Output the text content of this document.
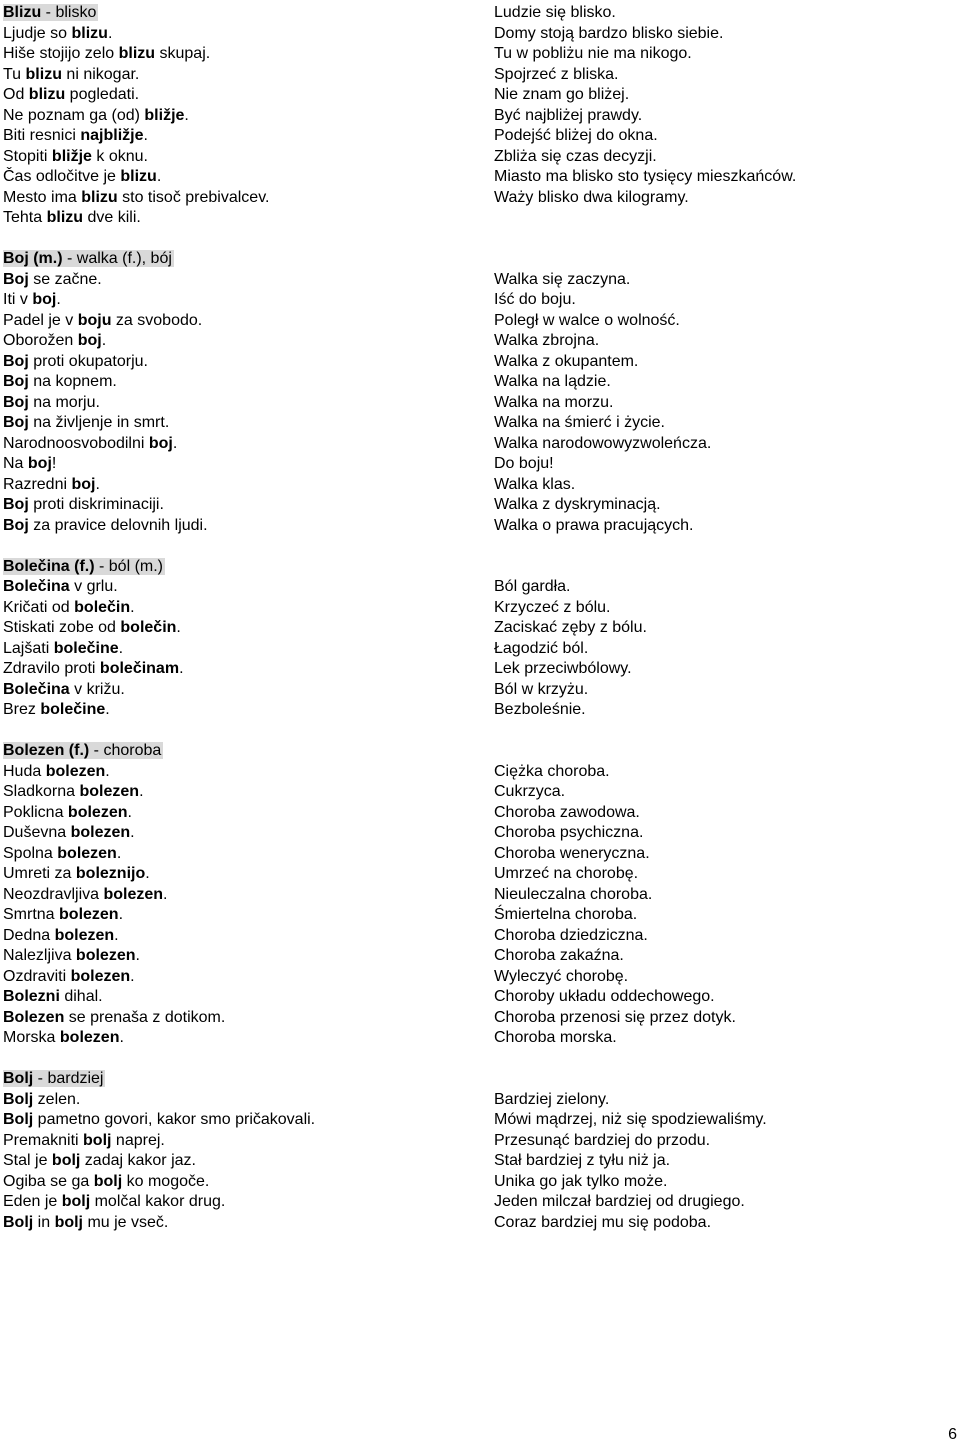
Blizu - blisko
Ljudje so blizu.
Hiše stojijo zelo blizu skupaj.
Tu blizu ni nikogar.
Od blizu pogledati.
Ne poznam ga (od) bližje.
Biti resnici najbližje.
Stopiti bližje k oknu.
Čas odločitve je blizu.
Mesto ima blizu sto tisoč prebivalcev.
Tehta blizu dve kili.
Boj (m.) - walka (f.), bój
Boj se začne.
Iti v boj.
Padel je v boju za svobodo.
Oborožen boj.
Boj proti okupatorju.
Boj na kopnem.
Boj na morju.
Boj na življenje in smrt.
Narodnoosvobodilni boj.
Na boj!
Razredni boj.
Boj proti diskriminaciji.
Boj za pravice delovnih ljudi.
Bolečina (f.) - ból (m.)
Bolečina v grlu.
Kričati od bolečin.
Stiskati zobe od bolečin.
Lajšati bolečine.
Zdravilo proti bolečinam.
Bolečina v križu.
Brez bolečine.
Bolezen (f.) - choroba
Huda bolezen.
Sladkorna bolezen.
Poklicna bolezen.
Duševna bolezen.
Spolna bolezen.
Umreti za boleznijo.
Neozdravljiva bolezen.
Smrtna bolezen.
Dedna bolezen.
Nalezljiva bolezen.
Ozdraviti bolezen.
Bolezni dihal.
Bolezen se prenaša z dotikom.
Morska bolezen.
Bolj - bardziej
Bolj zelen.
Bolj pametno govori, kakor smo pričakovali.
Premakniti bolj naprej.
Stal je bolj zadaj kakor jaz.
Ogiba se ga bolj ko mogoče.
Eden je bolj molčal kakor drug.
Bolj in bolj mu je vseč.
Ludzie się blisko.
Domy stoją bardzo blisko siebie.
Tu w pobliżu nie ma nikogo.
Spojrzeć z bliska.
Nie znam go bliżej.
Być najbliżej prawdy.
Podejść bliżej do okna.
Zbliża się czas decyzji.
Miasto ma blisko sto tysięcy mieszkańców.
Waży blisko dwa kilogramy.
Walka się zaczyna.
Iść do boju.
Poległ w walce o wolność.
Walka zbrojna.
Walka z okupantem.
Walka na lądzie.
Walka na morzu.
Walka na śmierć i życie.
Walka narodowowyzwoleńcza.
Do boju!
Walka klas.
Walka z dyskryminacją.
Walka o prawa pracujących.
Ból gardła.
Krzyczeć z bólu.
Zaciskać zęby z bólu.
Łagodzić ból.
Lek przeciwbólowy.
Ból w krzyżu.
Bezboleśnie.
Ciężka choroba.
Cukrzyca.
Choroba zawodowa.
Choroba psychiczna.
Choroba weneryczna.
Umrzeć na chorobę.
Nieuleczalna choroba.
Śmiertelna choroba.
Choroba dziedziczna.
Choroba zakaźna.
Wyleczyć chorobę.
Choroby układu oddechowego.
Choroba przenosi się przez dotyk.
Choroba morska.
Bardziej zielony.
Mówi mądrzej, niż się spodziewaliśmy.
Przesunąć bardziej do przodu.
Stał bardziej z tyłu niż ja.
Unika go jak tylko może.
Jeden milczał bardziej od drugiego.
Coraz bardziej mu się podoba.
6
